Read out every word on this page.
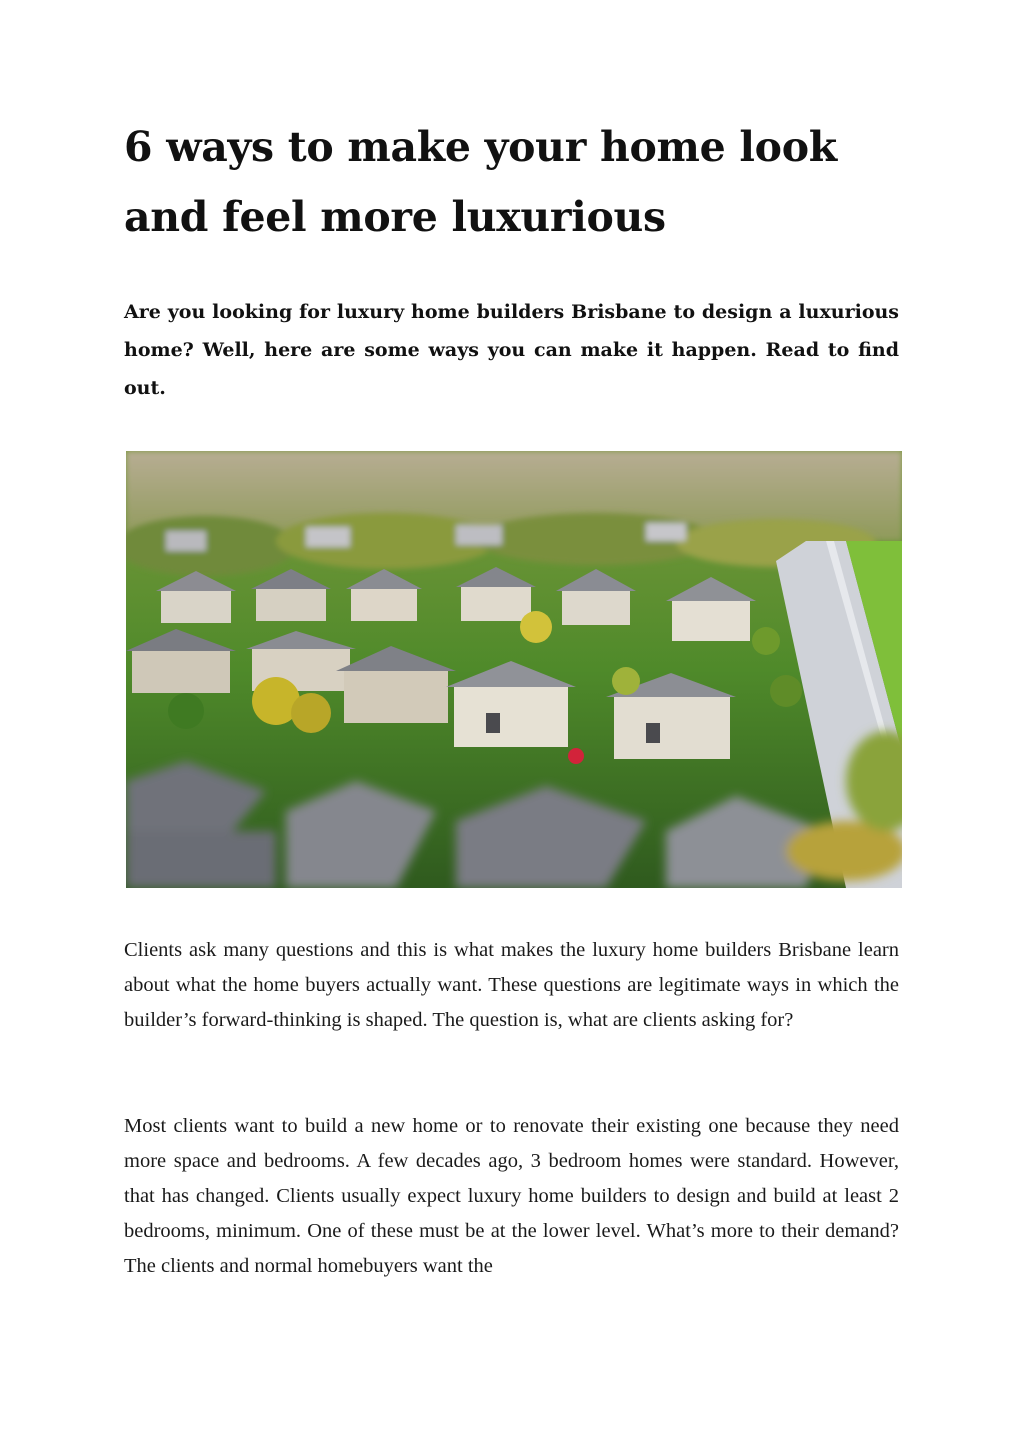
6 ways to make your home look and feel more luxurious

Are you looking for luxury home builders Brisbane to design a luxurious home? Well, here are some ways you can make it happen. Read to find out.

Clients ask many questions and this is what makes the luxury home builders Brisbane learn about what the home buyers actually want. These questions are legitimate ways in which the builder’s forward-thinking is shaped. The question is, what are clients asking for?

Most clients want to build a new home or to renovate their existing one because they need more space and bedrooms. A few decades ago, 3 bedroom homes were standard. However, that has changed. Clients usually expect luxury home builders to design and build at least 2 bedrooms, minimum. One of these must be at the lower level. What’s more to their demand? The clients and normal homebuyers want the
